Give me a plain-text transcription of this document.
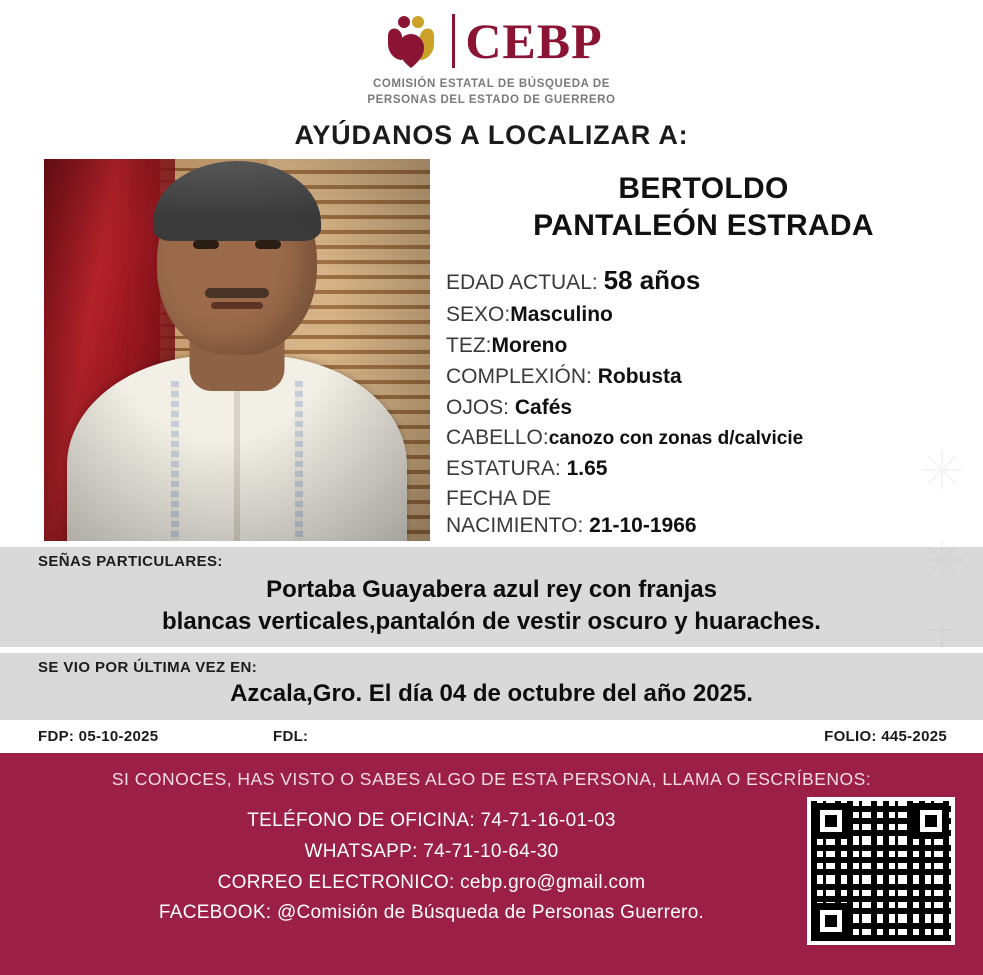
CEBP
COMISIÓN ESTATAL DE BÚSQUEDA DE
PERSONAS DEL ESTADO DE GUERRERO
AYÚDANOS A LOCALIZAR A:
BERTOLDO
PANTALEÓN ESTRADA
EDAD ACTUAL: 58 años
SEXO:Masculino
TEZ:Moreno
COMPLEXIÓN: Robusta
OJOS: Cafés
CABELLO:canozo con zonas d/calvicie
ESTATURA: 1.65
FECHA DE
NACIMIENTO: 21-10-1966
SEÑAS PARTICULARES:
Portaba Guayabera azul rey con franjas
blancas verticales,pantalón de vestir oscuro y huaraches.
SE VIO POR ÚLTIMA VEZ EN:
Azcala,Gro. El día 04 de octubre del año 2025.
FDP: 05-10-2025	FDL:	FOLIO: 445-2025
SI CONOCES, HAS VISTO O SABES ALGO DE ESTA PERSONA, LLAMA O ESCRÍBENOS:
TELÉFONO DE OFICINA: 74-71-16-01-03
WHATSAPP: 74-71-10-64-30
CORREO ELECTRONICO: cebp.gro@gmail.com
FACEBOOK: @Comisión de Búsqueda de Personas Guerrero.
